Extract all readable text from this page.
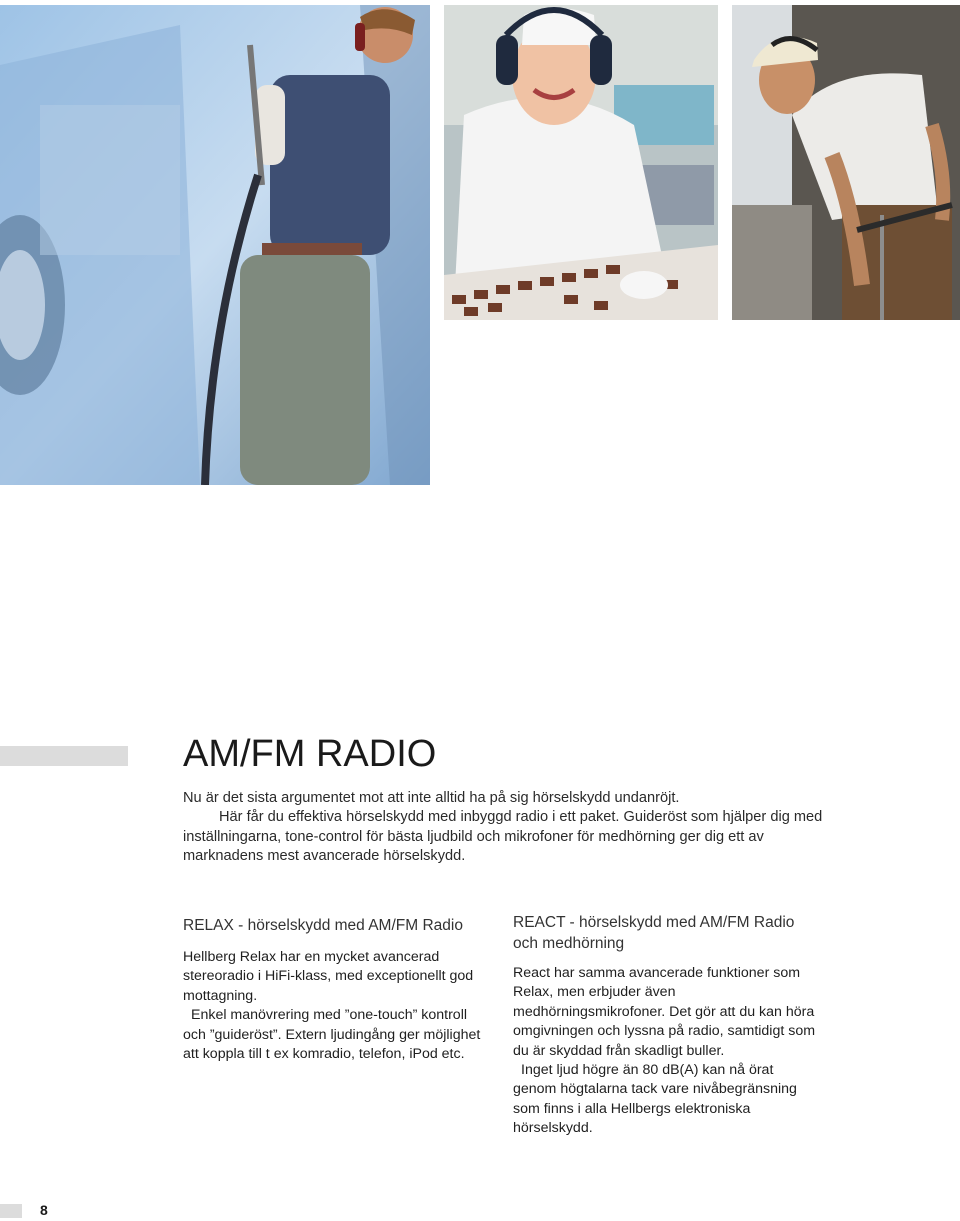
AM/FM RADIO
Nu är det sista argumentet mot att inte alltid ha på sig hörselskydd undanröjt.
Här får du effektiva hörselskydd med inbyggd radio i ett paket. Guideröst som hjälper dig med inställningarna, tone-control för bästa ljudbild och mikrofoner för medhörning ger dig ett av marknadens mest avancerade hörselskydd.
RELAX - hörselskydd med AM/FM Radio

Hellberg Relax har en mycket avancerad stereoradio i HiFi-klass, med exceptionellt god mottagning.
Enkel manövrering med ”one-touch” kontroll och ”guideröst”. Extern ljudingång ger möjlighet att koppla till t ex komradio, telefon, iPod etc.

REACT - hörselskydd med AM/FM Radio och medhörning

React har samma avancerade funktioner som Relax, men erbjuder även medhörningsmikrofoner. Det gör att du kan höra omgivningen och lyssna på radio, samtidigt som du är skyddad från skadligt buller.
Inget ljud högre än 80 dB(A) kan nå örat genom högtalarna tack vare nivåbegränsning som finns i alla Hellbergs elektroniska hörselskydd.

8
